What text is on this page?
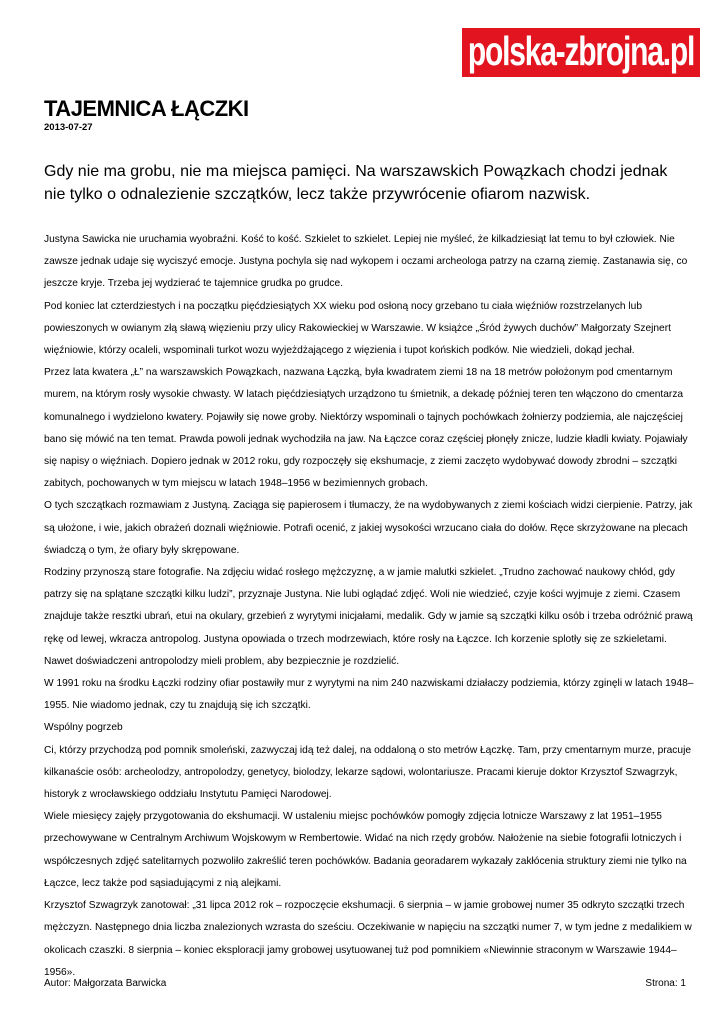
polska-zbrojna.pl
TAJEMNICA ŁĄCZKI
2013-07-27

Gdy nie ma grobu, nie ma miejsca pamięci. Na warszawskich Powązkach chodzi jednak nie tylko o odnalezienie szczątków, lecz także przywrócenie ofiarom nazwisk.

Justyna Sawicka nie uruchamia wyobraźni. Kość to kość. Szkielet to szkielet. Lepiej nie myśleć, że kilkadziesiąt lat temu to był człowiek. Nie zawsze jednak udaje się wyciszyć emocje. Justyna pochyla się nad wykopem i oczami archeologa patrzy na czarną ziemię. Zastanawia się, co jeszcze kryje. Trzeba jej wydzierać te tajemnice grudka po grudce.

Pod koniec lat czterdziestych i na początku pięćdziesiątych XX wieku pod osłoną nocy grzebano tu ciała więźniów rozstrzelanych lub powieszonych w owianym złą sławą więzieniu przy ulicy Rakowieckiej w Warszawie. W książce „Śród żywych duchów” Małgorzaty Szejnert więźniowie, którzy ocaleli, wspominali turkot wozu wyjeżdżającego z więzienia i tupot końskich podków. Nie wiedzieli, dokąd jechał.

Przez lata kwatera „Ł” na warszawskich Powązkach, nazwana Łączką, była kwadratem ziemi 18 na 18 metrów położonym pod cmentarnym murem, na którym rosły wysokie chwasty. W latach pięćdziesiątych urządzono tu śmietnik, a dekadę później teren ten włączono do cmentarza komunalnego i wydzielono kwatery. Pojawiły się nowe groby. Niektórzy wspominali o tajnych pochówkach żołnierzy podziemia, ale najczęściej bano się mówić na ten temat. Prawda powoli jednak wychodziła na jaw. Na Łączce coraz częściej płonęły znicze, ludzie kładli kwiaty. Pojawiały się napisy o więźniach. Dopiero jednak w 2012 roku, gdy rozpoczęły się ekshumacje, z ziemi zaczęto wydobywać dowody zbrodni – szczątki zabitych, pochowanych w tym miejscu w latach 1948–1956 w bezimiennych grobach.

O tych szczątkach rozmawiam z Justyną. Zaciąga się papierosem i tłumaczy, że na wydobywanych z ziemi kościach widzi cierpienie. Patrzy, jak są ułożone, i wie, jakich obrażeń doznali więźniowie. Potrafi ocenić, z jakiej wysokości wrzucano ciała do dołów. Ręce skrzyżowane na plecach świadczą o tym, że ofiary były skrępowane.

Rodziny przynoszą stare fotografie. Na zdjęciu widać rosłego mężczyznę, a w jamie malutki szkielet. „Trudno zachować naukowy chłód, gdy patrzy się na splątane szczątki kilku ludzi”, przyznaje Justyna. Nie lubi oglądać zdjęć. Woli nie wiedzieć, czyje kości wyjmuje z ziemi. Czasem znajduje także resztki ubrań, etui na okulary, grzebień z wyrytymi inicjałami, medalik. Gdy w jamie są szczątki kilku osób i trzeba odróżnić prawą rękę od lewej, wkracza antropolog. Justyna opowiada o trzech modrzewiach, które rosły na Łączce. Ich korzenie splotły się ze szkieletami. Nawet doświadczeni antropolodzy mieli problem, aby bezpiecznie je rozdzielić.

W 1991 roku na środku Łączki rodziny ofiar postawiły mur z wyrytymi na nim 240 nazwiskami działaczy podziemia, którzy zginęli w latach 1948–1955. Nie wiadomo jednak, czy tu znajdują się ich szczątki.

Wspólny pogrzeb

Ci, którzy przychodzą pod pomnik smoleński, zazwyczaj idą też dalej, na oddaloną o sto metrów Łączkę. Tam, przy cmentarnym murze, pracuje kilkanaście osób: archeolodzy, antropolodzy, genetycy, biolodzy, lekarze sądowi, wolontariusze. Pracami kieruje doktor Krzysztof Szwagrzyk, historyk z wrocławskiego oddziału Instytutu Pamięci Narodowej.

Wiele miesięcy zajęły przygotowania do ekshumacji. W ustaleniu miejsc pochówków pomogły zdjęcia lotnicze Warszawy z lat 1951–1955 przechowywane w Centralnym Archiwum Wojskowym w Rembertowie. Widać na nich rzędy grobów. Nałożenie na siebie fotografii lotniczych i współczesnych zdjęć satelitarnych pozwoliło zakreślić teren pochówków. Badania georadarem wykazały zakłócenia struktury ziemi nie tylko na Łączce, lecz także pod sąsiadującymi z nią alejkami.

Krzysztof Szwagrzyk zanotował: „31 lipca 2012 rok – rozpoczęcie ekshumacji. 6 sierpnia – w jamie grobowej numer 35 odkryto szczątki trzech mężczyzn. Następnego dnia liczba znalezionych wzrasta do sześciu. Oczekiwanie w napięciu na szczątki numer 7, w tym jedne z medalikiem w okolicach czaszki. 8 sierpnia – koniec eksploracji jamy grobowej usytuowanej tuż pod pomnikiem «Niewinnie straconym w Warszawie 1944–1956».

Autor: Małgorzata Barwicka	Strona: 1
